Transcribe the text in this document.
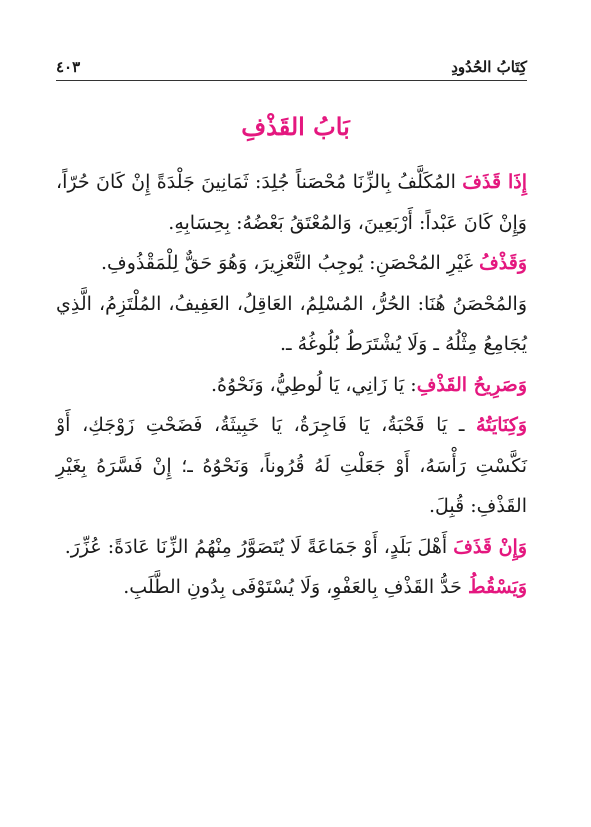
كِتَابُ الحُدُودِ
٤٠٣
بَابُ القَذْفِ

إِذَا قَذَفَ المُكَلَّفُ بِالزِّنَا مُحْصَناً جُلِدَ: ثَمَانِينَ جَلْدَةً إِنْ كَانَ حُرّاً، وَإِنْ كَانَ عَبْداً: أَرْبَعِينَ، وَالمُعْتَقُ بَعْضُهُ: بِحِسَابِهِ.

وَقَذْفُ غَيْرِ المُحْصَنِ: يُوجِبُ التَّعْزِيرَ، وَهُوَ حَقٌّ لِلْمَقْذُوفِ.

وَالمُحْصَنُ هُنَا: الحُرُّ، المُسْلِمُ، العَاقِلُ، العَفِيفُ، المُلْتَزِمُ، الَّذِي يُجَامِعُ مِثْلُهُ ـ وَلَا يُشْتَرَطُ بُلُوغُهُ ـ.

وَصَرِيحُ القَذْفِ: يَا زَانِي، يَا لُوطِيُّ، وَنَحْوُهُ.

وَكِنَايَتُهُ ـ يَا قَحْبَةُ، يَا فَاجِرَةُ، يَا خَبِيثَةُ، فَضَحْتِ زَوْجَكِ، أَوْ نَكَّسْتِ رَأْسَهُ، أَوْ جَعَلْتِ لَهُ قُرُوناً، وَنَحْوُهُ ـ؛ إِنْ فَسَّرَهُ بِغَيْرِ القَذْفِ: قُبِلَ.

وَإِنْ قَذَفَ أَهْلَ بَلَدٍ، أَوْ جَمَاعَةً لَا يُتَصَوَّرُ مِنْهُمُ الزِّنَا عَادَةً: عُزِّرَ.

وَيَسْقُطُ حَدُّ القَذْفِ بِالعَفْوِ، وَلَا يُسْتَوْفَى بِدُونِ الطَّلَبِ.
